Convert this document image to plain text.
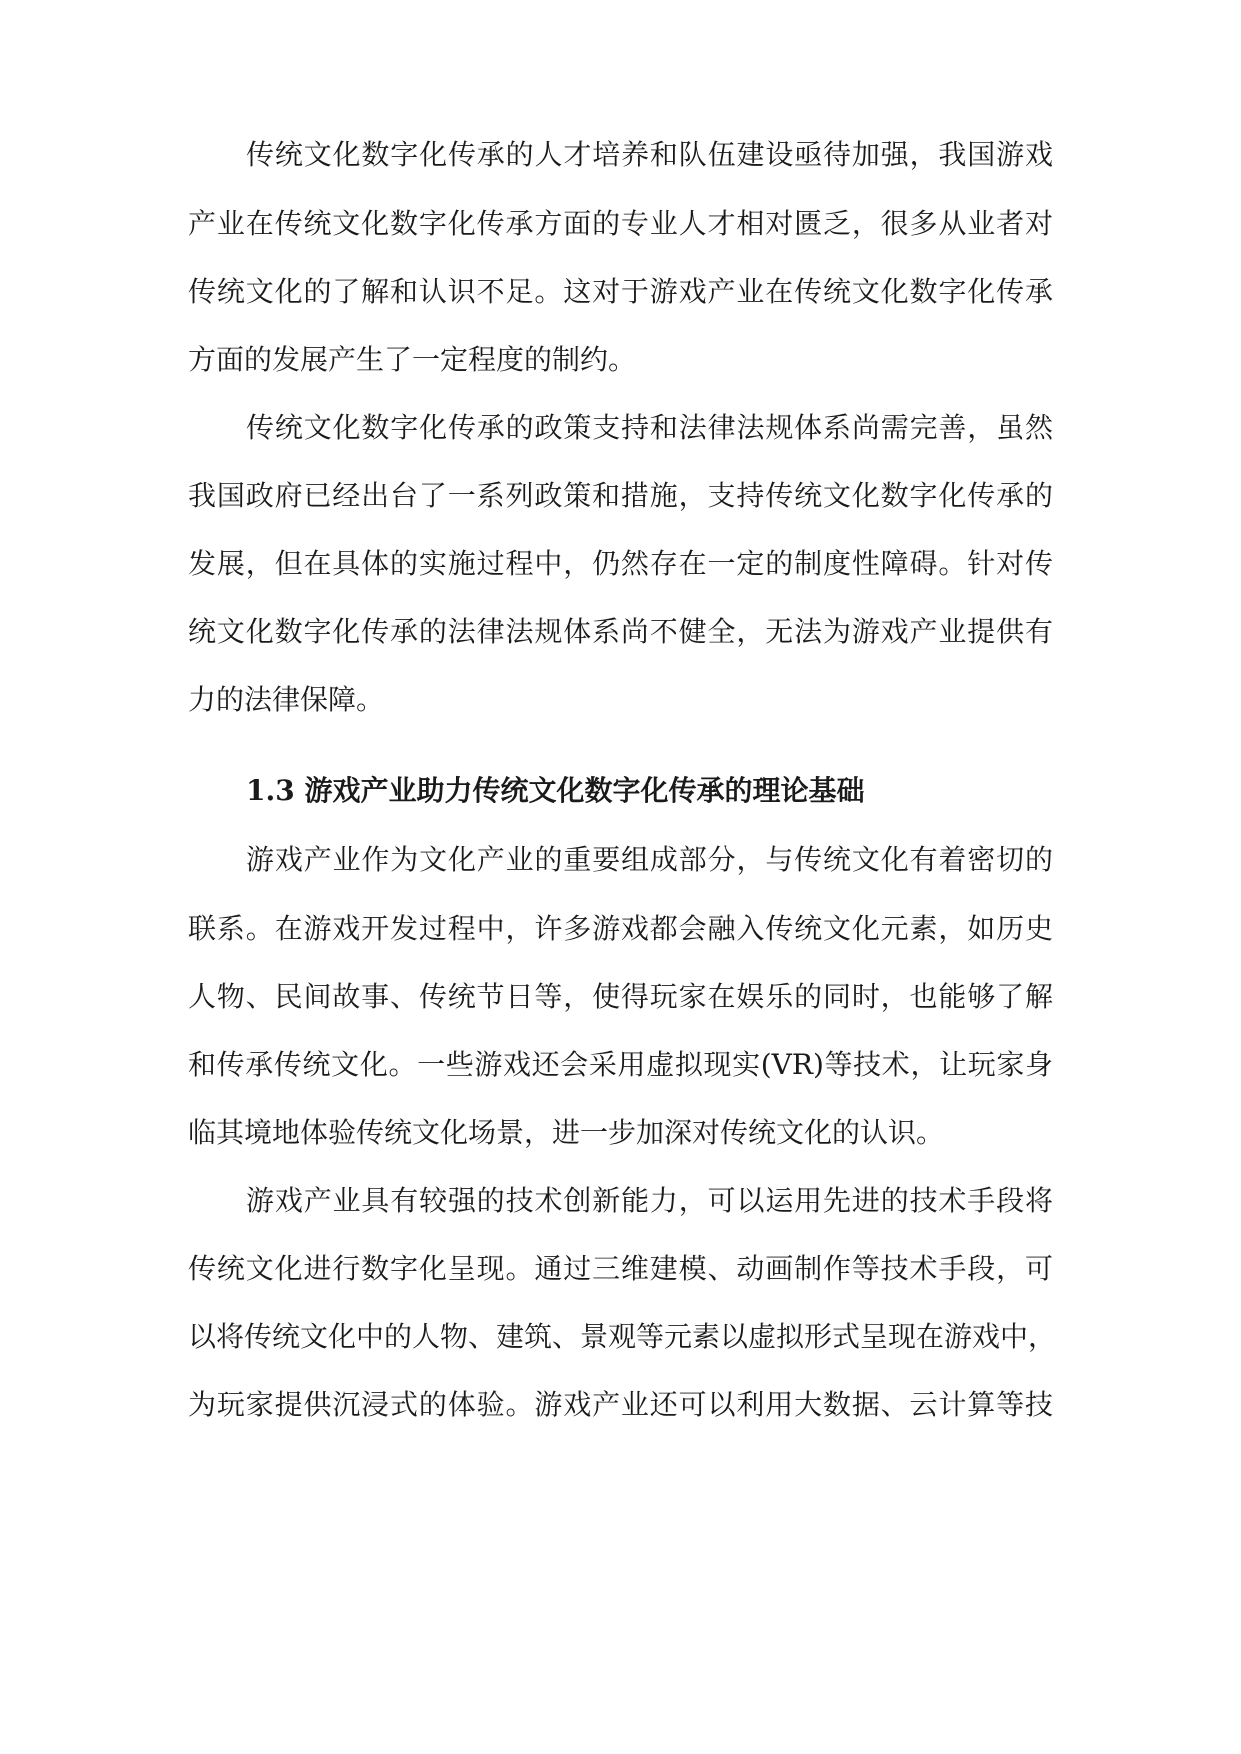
传统文化数字化传承的人才培养和队伍建设亟待加强，我国游戏
产业在传统文化数字化传承方面的专业人才相对匮乏，很多从业者对
传统文化的了解和认识不足。这对于游戏产业在传统文化数字化传承
方面的发展产生了一定程度的制约。
传统文化数字化传承的政策支持和法律法规体系尚需完善，虽然
我国政府已经出台了一系列政策和措施，支持传统文化数字化传承的
发展，但在具体的实施过程中，仍然存在一定的制度性障碍。针对传
统文化数字化传承的法律法规体系尚不健全，无法为游戏产业提供有
力的法律保障。
1.3 游戏产业助力传统文化数字化传承的理论基础
游戏产业作为文化产业的重要组成部分，与传统文化有着密切的
联系。在游戏开发过程中，许多游戏都会融入传统文化元素，如历史
人物、民间故事、传统节日等，使得玩家在娱乐的同时，也能够了解
和传承传统文化。一些游戏还会采用虚拟现实(VR)等技术，让玩家身
临其境地体验传统文化场景，进一步加深对传统文化的认识。
游戏产业具有较强的技术创新能力，可以运用先进的技术手段将
传统文化进行数字化呈现。通过三维建模、动画制作等技术手段，可
以将传统文化中的人物、建筑、景观等元素以虚拟形式呈现在游戏中，
为玩家提供沉浸式的体验。游戏产业还可以利用大数据、云计算等技
